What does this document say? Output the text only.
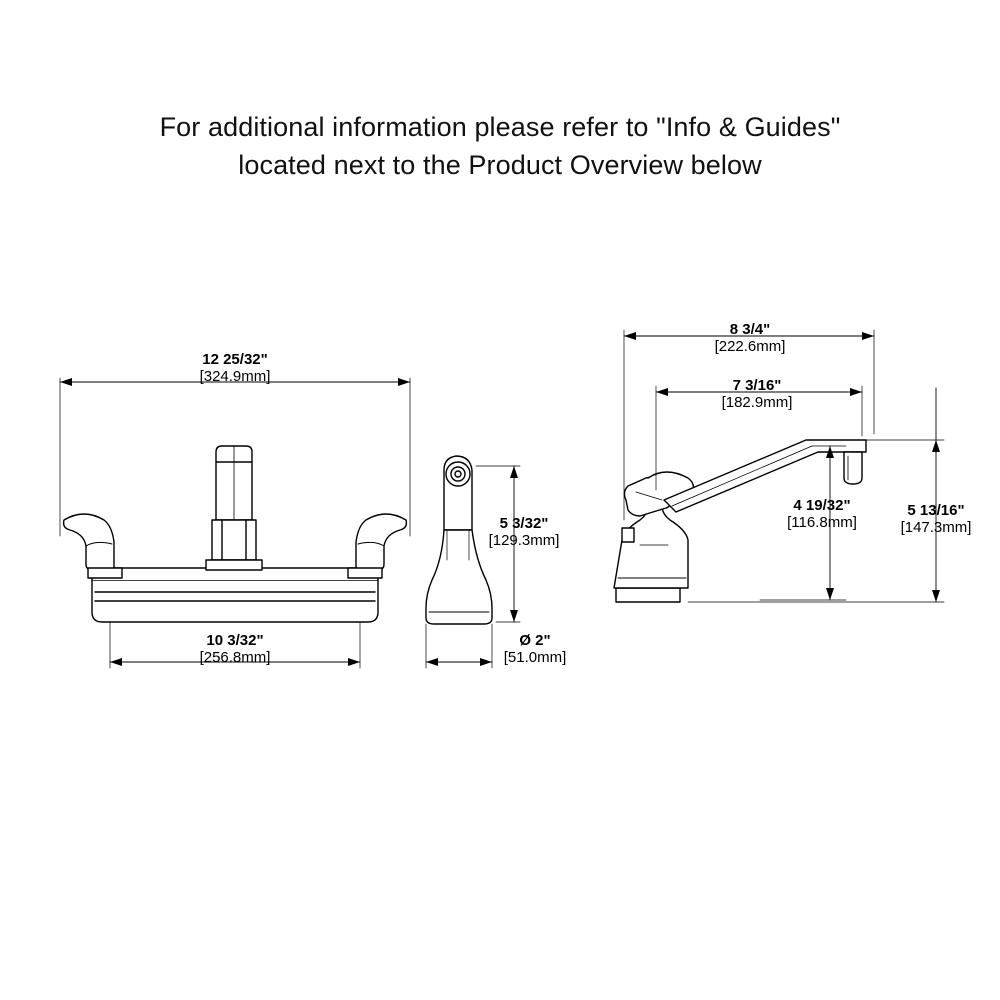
For additional information please refer to "Info & Guides"
located next to the Product Overview below
12 25/32"
[324.9mm]
10 3/32"
[256.8mm]
5 3/32"
[129.3mm]
Ø 2"
[51.0mm]
8 3/4"
[222.6mm]
7 3/16"
[182.9mm]
4 19/32"
[116.8mm]
5 13/16"
[147.3mm]
